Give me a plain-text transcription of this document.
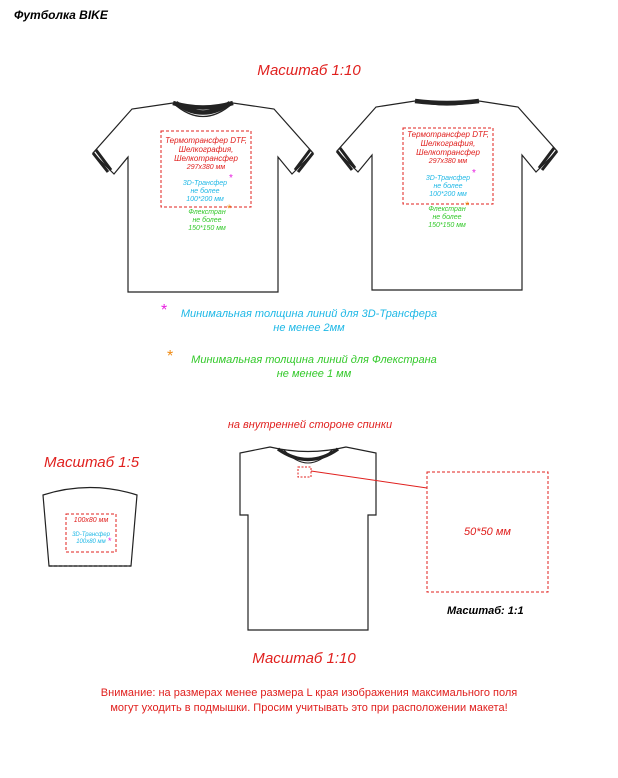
Футболка BIKE
Масштаб 1:10
Термотрансфер DTF,
Шелкография,
Шелкотрансфер
297х380 мм
3D-Трансфер
не более
100*200 мм
*
Флекстран
не более
150*150 мм
*
Термотрансфер DTF,
Шелкография,
Шелкотрансфер
297х380 мм
3D-Трансфер
не более
100*200 мм
*
Флекстран
не более
150*150 мм
*
*	Минимальная толщина линий для 3D-Трансфера
не менее 2мм
*	Минимальная толщина линий для Флекстрана
не менее 1 мм
на внутренней стороне спинки
Масштаб 1:5
100x80 мм
3D-Трансфер
100x80 мм *
50*50 мм
Масштаб: 1:1
Масштаб 1:10
Внимание: на размерах менее размера L края изображения максимального поля
могут уходить в подмышки. Просим учитывать это при расположении макета!
